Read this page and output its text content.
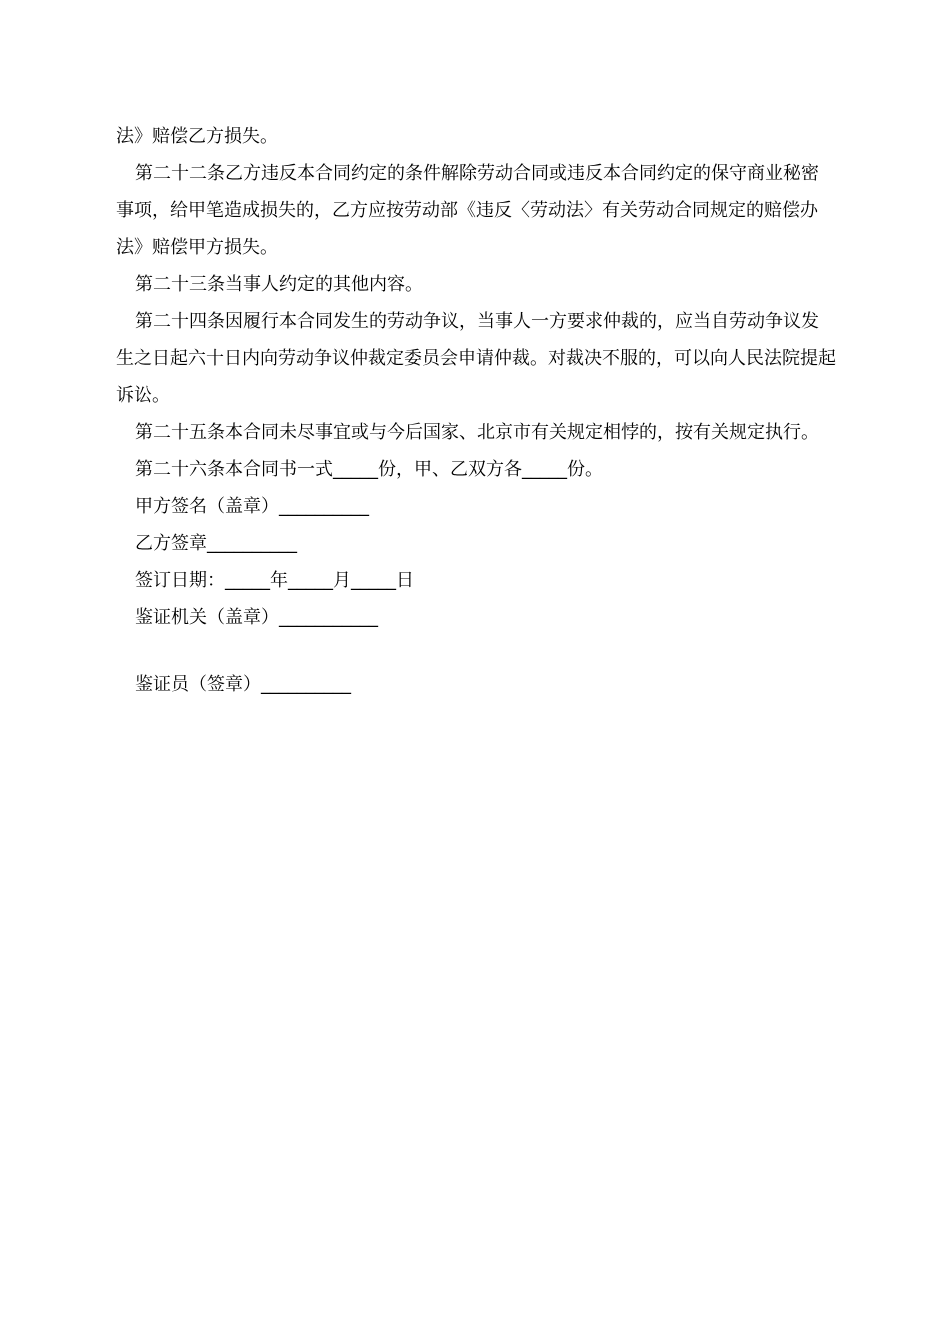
法》赔偿乙方损失。

第二十二条乙方违反本合同约定的条件解除劳动合同或违反本合同约定的保守商业秘密事项，给甲笔造成损失的，乙方应按劳动部《违反〈劳动法〉有关劳动合同规定的赔偿办法》赔偿甲方损失。

第二十三条当事人约定的其他内容。

第二十四条因履行本合同发生的劳动争议，当事人一方要求仲裁的，应当自劳动争议发生之日起六十日内向劳动争议仲裁定委员会申请仲裁。对裁决不服的，可以向人民法院提起诉讼。

第二十五条本合同未尽事宜或与今后国家、北京市有关规定相悖的，按有关规定执行。

第二十六条本合同书一式_____份，甲、乙双方各_____份。

甲方签名（盖章）__________

乙方签章__________

签订日期：_____年_____月_____日

鉴证机关（盖章）___________

鉴证员（签章）__________
